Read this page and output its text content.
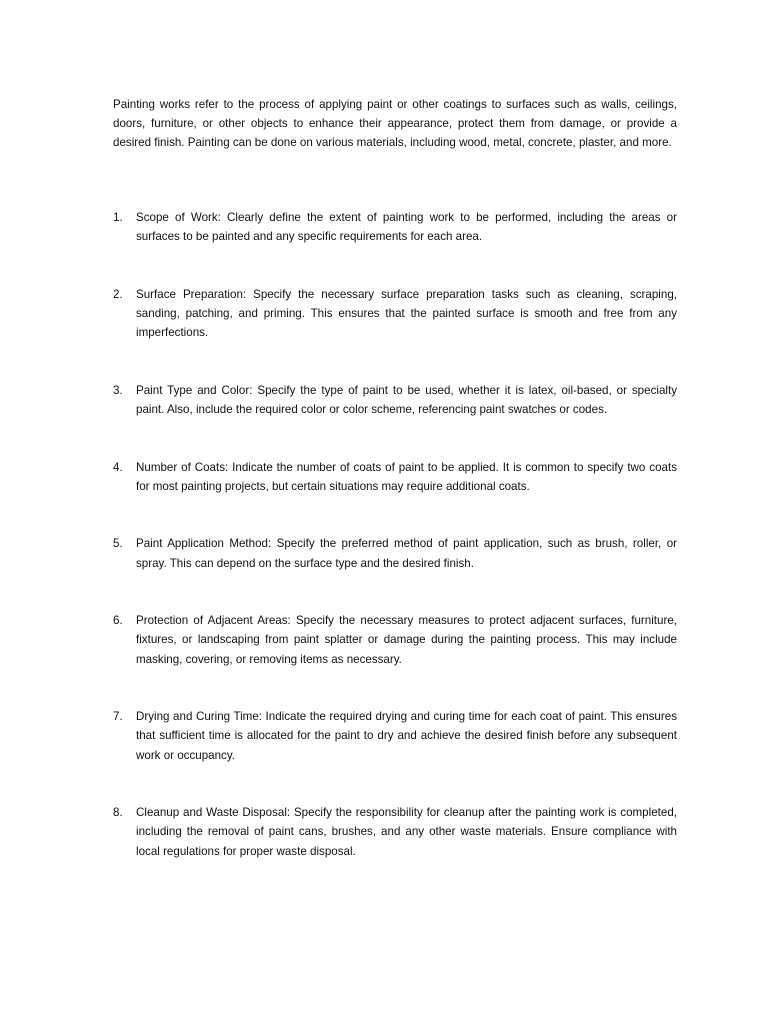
Painting works refer to the process of applying paint or other coatings to surfaces such as walls, ceilings, doors, furniture, or other objects to enhance their appearance, protect them from damage, or provide a desired finish. Painting can be done on various materials, including wood, metal, concrete, plaster, and more.

1. Scope of Work: Clearly define the extent of painting work to be performed, including the areas or surfaces to be painted and any specific requirements for each area.
2. Surface Preparation: Specify the necessary surface preparation tasks such as cleaning, scraping, sanding, patching, and priming. This ensures that the painted surface is smooth and free from any imperfections.
3. Paint Type and Color: Specify the type of paint to be used, whether it is latex, oil-based, or specialty paint. Also, include the required color or color scheme, referencing paint swatches or codes.
4. Number of Coats: Indicate the number of coats of paint to be applied. It is common to specify two coats for most painting projects, but certain situations may require additional coats.
5. Paint Application Method: Specify the preferred method of paint application, such as brush, roller, or spray. This can depend on the surface type and the desired finish.
6. Protection of Adjacent Areas: Specify the necessary measures to protect adjacent surfaces, furniture, fixtures, or landscaping from paint splatter or damage during the painting process. This may include masking, covering, or removing items as necessary.
7. Drying and Curing Time: Indicate the required drying and curing time for each coat of paint. This ensures that sufficient time is allocated for the paint to dry and achieve the desired finish before any subsequent work or occupancy.
8. Cleanup and Waste Disposal: Specify the responsibility for cleanup after the painting work is completed, including the removal of paint cans, brushes, and any other waste materials. Ensure compliance with local regulations for proper waste disposal.
